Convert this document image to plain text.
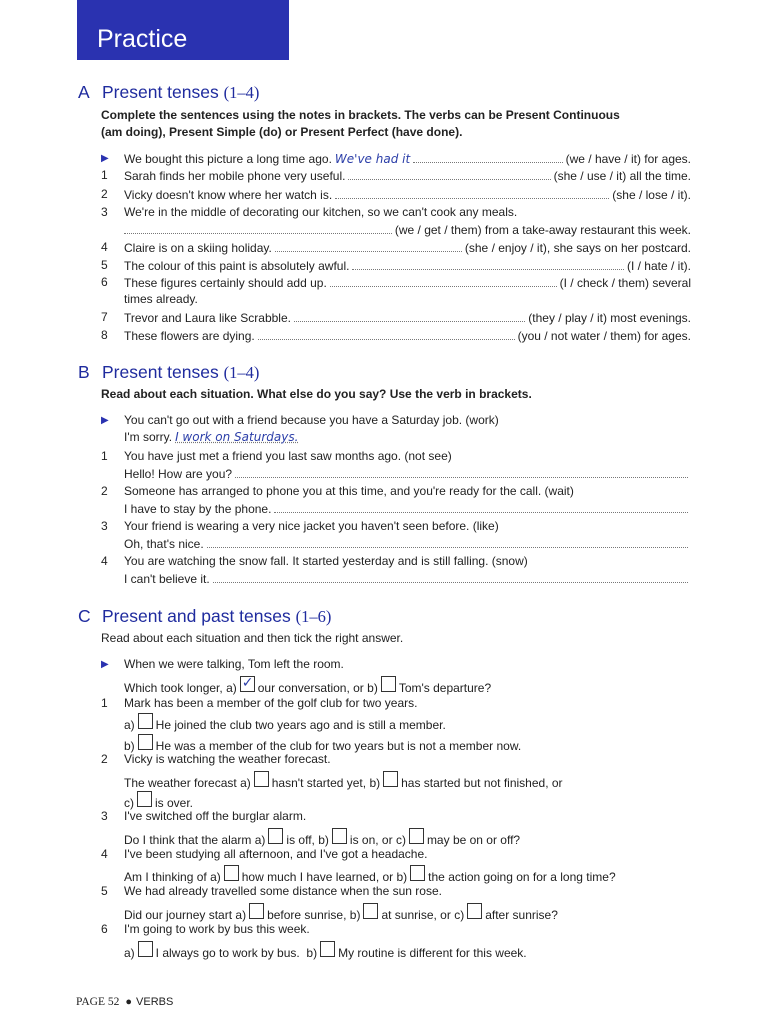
Practice
A Present tenses (1–4)
Complete the sentences using the notes in brackets. The verbs can be Present Continuous
(am doing), Present Simple (do) or Present Perfect (have done).
▶	We bought this picture a long time ago. We've had it	(we / have / it) for ages.
1	Sarah finds her mobile phone very useful.	(she / use / it) all the time.
2	Vicky doesn't know where her watch is.	(she / lose / it).
3	We're in the middle of decorating our kitchen, so we can't cook any meals.
(we / get / them) from a take-away restaurant this week.
4	Claire is on a skiing holiday.	(she / enjoy / it), she says on her postcard.
5	The colour of this paint is absolutely awful.	(I / hate / it).
6	These figures certainly should add up.	(I / check / them) several
times already.
7	Trevor and Laura like Scrabble.	(they / play / it) most evenings.
8	These flowers are dying.	(you / not water / them) for ages.
B Present tenses (1–4)
Read about each situation. What else do you say? Use the verb in brackets.
▶	You can't go out with a friend because you have a Saturday job. (work)
I'm sorry. I work on Saturdays.
1	You have just met a friend you last saw months ago. (not see)
Hello! How are you?
2	Someone has arranged to phone you at this time, and you're ready for the call. (wait)
I have to stay by the phone.
3	Your friend is wearing a very nice jacket you haven't seen before. (like)
Oh, that's nice.
4	You are watching the snow fall. It started yesterday and is still falling. (snow)
I can't believe it.
C Present and past tenses (1–6)
Read about each situation and then tick the right answer.
▶	When we were talking, Tom left the room.
Which took longer,
a) ✓ our conversation, or
b) Tom's departure?
1	Mark has been a member of the golf club for two years.
a) He joined the club two years ago and is still a member.
b) He was a member of the club for two years but is not a member now.
2	Vicky is watching the weather forecast.
The weather forecast
a) hasn't started yet,
b) has started but not finished, or
c) is over.
3	I've switched off the burglar alarm.
Do I think that the alarm
a) is off,
b) is on, or
c) may be on or off?
4	I've been studying all afternoon, and I've got a headache.
Am I thinking of
a) how much I have learned, or
b) the action going on for a long time?
5	We had already travelled some distance when the sun rose.
Did our journey start
a) before sunrise,
b) at sunrise, or
c) after sunrise?
6	I'm going to work by bus this week.
a) I always go to work by bus.
b) My routine is different for this week.
PAGE 52 ● VERBS
